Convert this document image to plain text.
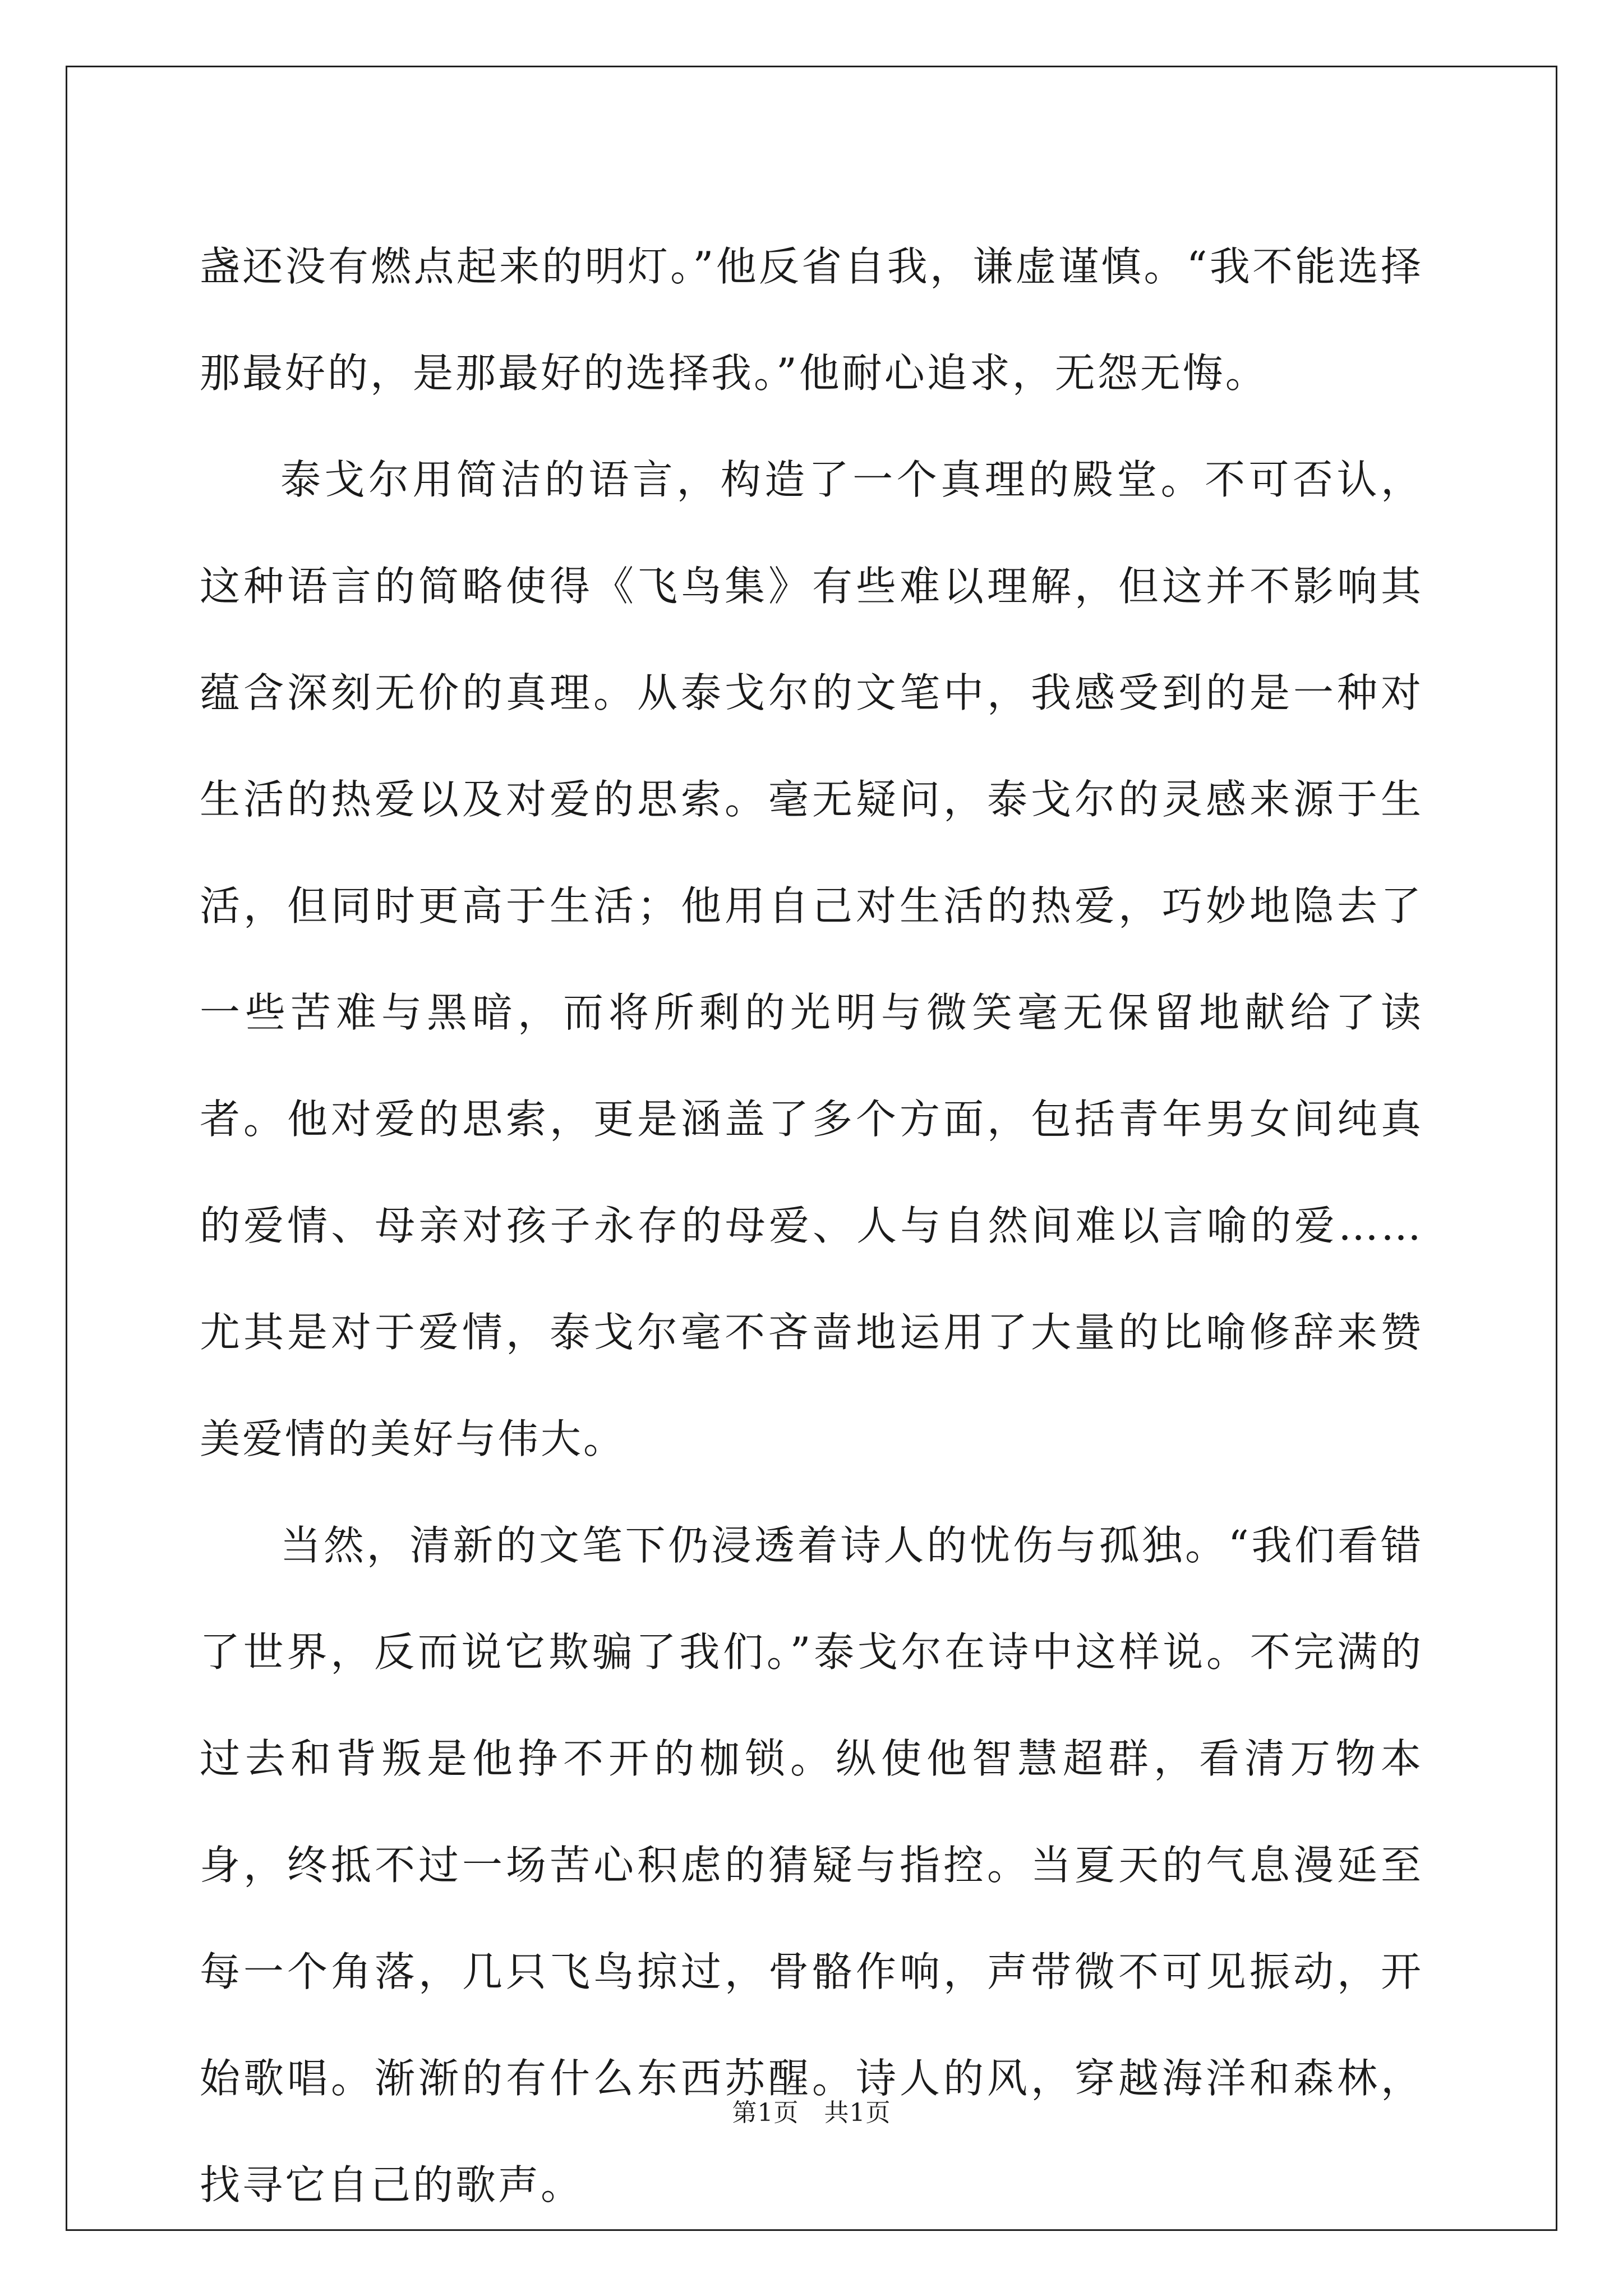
盏还没有燃点起来的明灯。”他反省自我，谦虚谨慎。“我不能选择那最好的，是那最好的选择我。”他耐心追求，无怨无悔。

泰戈尔用简洁的语言，构造了一个真理的殿堂。不可否认，这种语言的简略使得《飞鸟集》有些难以理解，但这并不影响其蕴含深刻无价的真理。从泰戈尔的文笔中，我感受到的是一种对生活的热爱以及对爱的思索。毫无疑问，泰戈尔的灵感来源于生活，但同时更高于生活；他用自己对生活的热爱，巧妙地隐去了一些苦难与黑暗，而将所剩的光明与微笑毫无保留地献给了读者。他对爱的思索，更是涵盖了多个方面，包括青年男女间纯真的爱情、母亲对孩子永存的母爱、人与自然间难以言喻的爱……尤其是对于爱情，泰戈尔毫不吝啬地运用了大量的比喻修辞来赞美爱情的美好与伟大。

当然，清新的文笔下仍浸透着诗人的忧伤与孤独。“我们看错了世界，反而说它欺骗了我们。”泰戈尔在诗中这样说。不完满的过去和背叛是他挣不开的枷锁。纵使他智慧超群，看清万物本身，终抵不过一场苦心积虑的猜疑与指控。当夏天的气息漫延至每一个角落，几只飞鸟掠过，骨骼作响，声带微不可见振动，开始歌唱。渐渐的有什么东西苏醒。诗人的风，穿越海洋和森林，找寻它自己的歌声。

第1页　共1页
